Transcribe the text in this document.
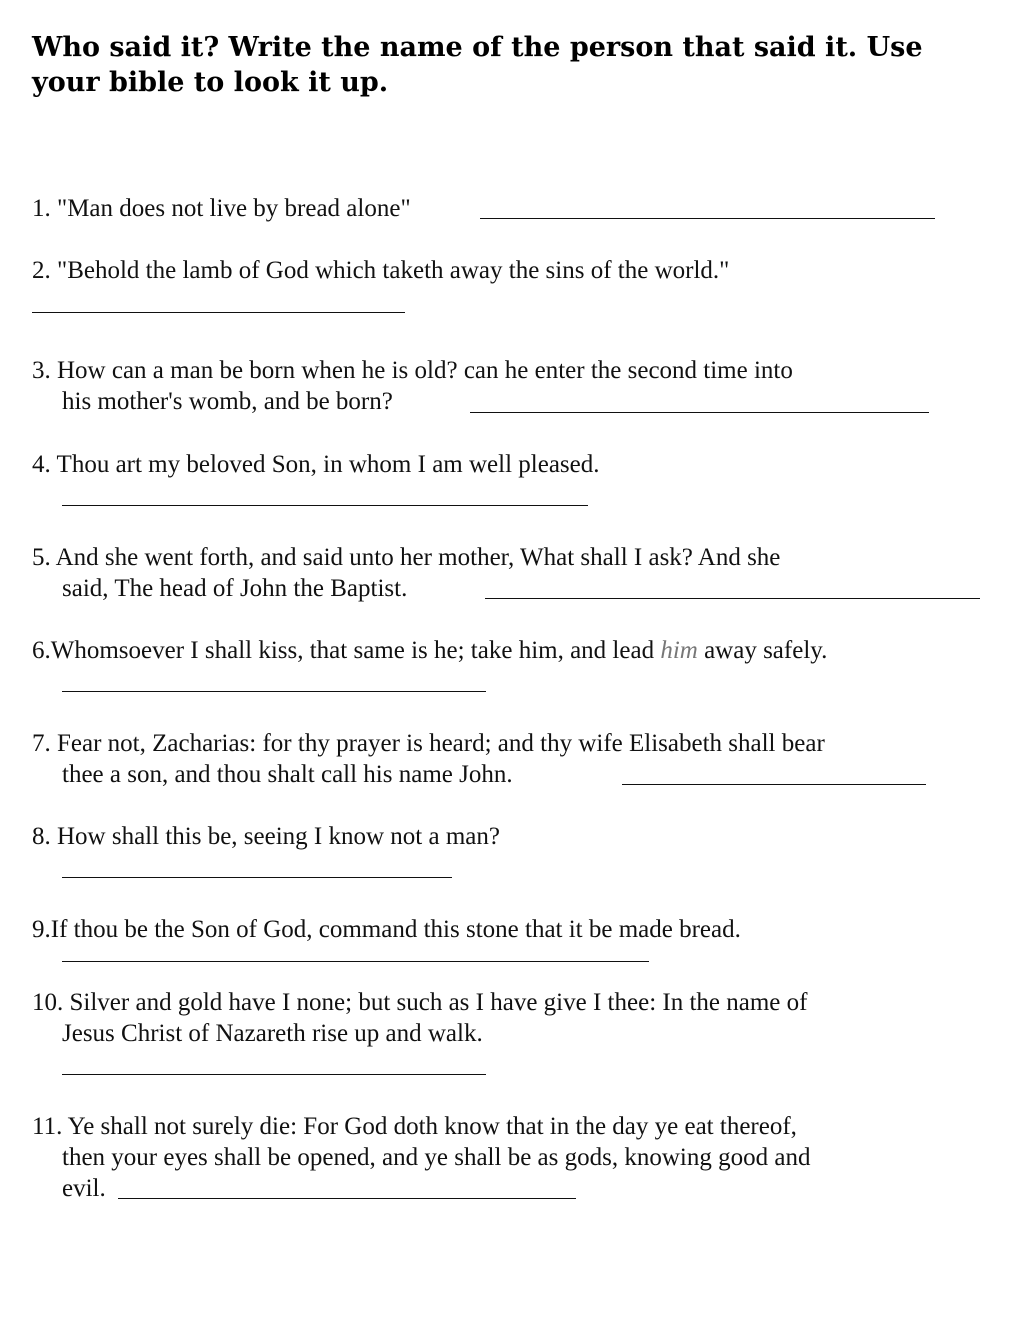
Who said it? Write the name of the person that said it. Use your bible to look it up.
1. "Man does not live by bread alone"
2. "Behold the lamb of God which taketh away the sins of the world."
3. How can a man be born when he is old? can he enter the second time into
his mother's womb, and be born?
4. Thou art my beloved Son, in whom I am well pleased.
5. And she went forth, and said unto her mother, What shall I ask? And she
said, The head of John the Baptist.
6.Whomsoever I shall kiss, that same is he; take him, and lead him away safely.
7. Fear not, Zacharias: for thy prayer is heard; and thy wife Elisabeth shall bear
thee a son, and thou shalt call his name John.
8. How shall this be, seeing I know not a man?
9.If thou be the Son of God, command this stone that it be made bread.
10. Silver and gold have I none; but such as I have give I thee: In the name of
Jesus Christ of Nazareth rise up and walk.
11. Ye shall not surely die: For God doth know that in the day ye eat thereof,
then your eyes shall be opened, and ye shall be as gods, knowing good and
evil.
